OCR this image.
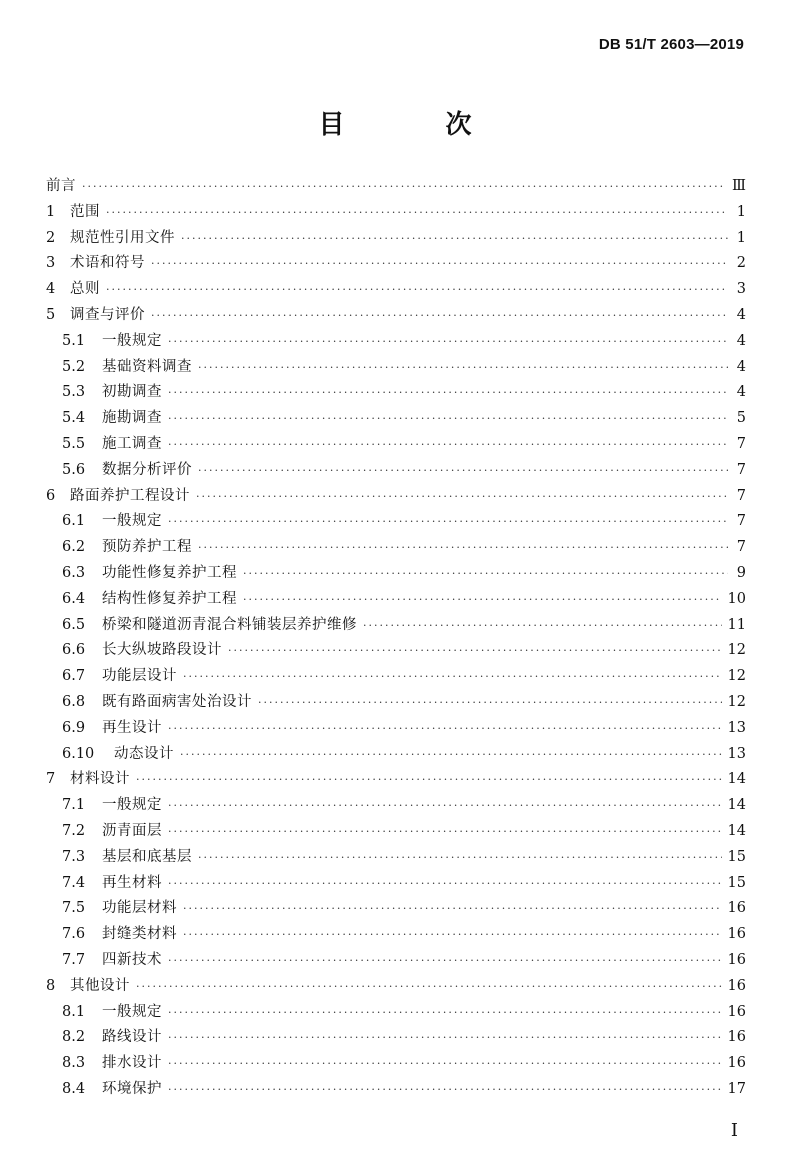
DB 51/T 2603—2019
目 次
前言 ·····	Ⅲ
1	范围 ·····	1
2	规范性引用文件 ·····	1
3	术语和符号 ·····	2
4	总则 ·····	3
5	调查与评价 ·····	4
5.1	一般规定 ·····	4
5.2	基础资料调查 ·····	4
5.3	初勘调查 ·····	4
5.4	施勘调查 ·····	5
5.5	施工调查 ·····	7
5.6	数据分析评价 ·····	7
6	路面养护工程设计 ·····	7
6.1	一般规定 ·····	7
6.2	预防养护工程 ·····	7
6.3	功能性修复养护工程 ·····	9
6.4	结构性修复养护工程 ·····	10
6.5	桥梁和隧道沥青混合料铺装层养护维修 ·····	11
6.6	长大纵坡路段设计 ·····	12
6.7	功能层设计 ·····	12
6.8	既有路面病害处治设计 ·····	12
6.9	再生设计 ·····	13
6.10	动态设计 ·····	13
7	材料设计 ·····	14
7.1	一般规定 ·····	14
7.2	沥青面层 ·····	14
7.3	基层和底基层 ·····	15
7.4	再生材料 ·····	15
7.5	功能层材料 ·····	16
7.6	封缝类材料 ·····	16
7.7	四新技术 ·····	16
8	其他设计 ·····	16
8.1	一般规定 ·····	16
8.2	路线设计 ·····	16
8.3	排水设计 ·····	16
8.4	环境保护 ·····	17
I
